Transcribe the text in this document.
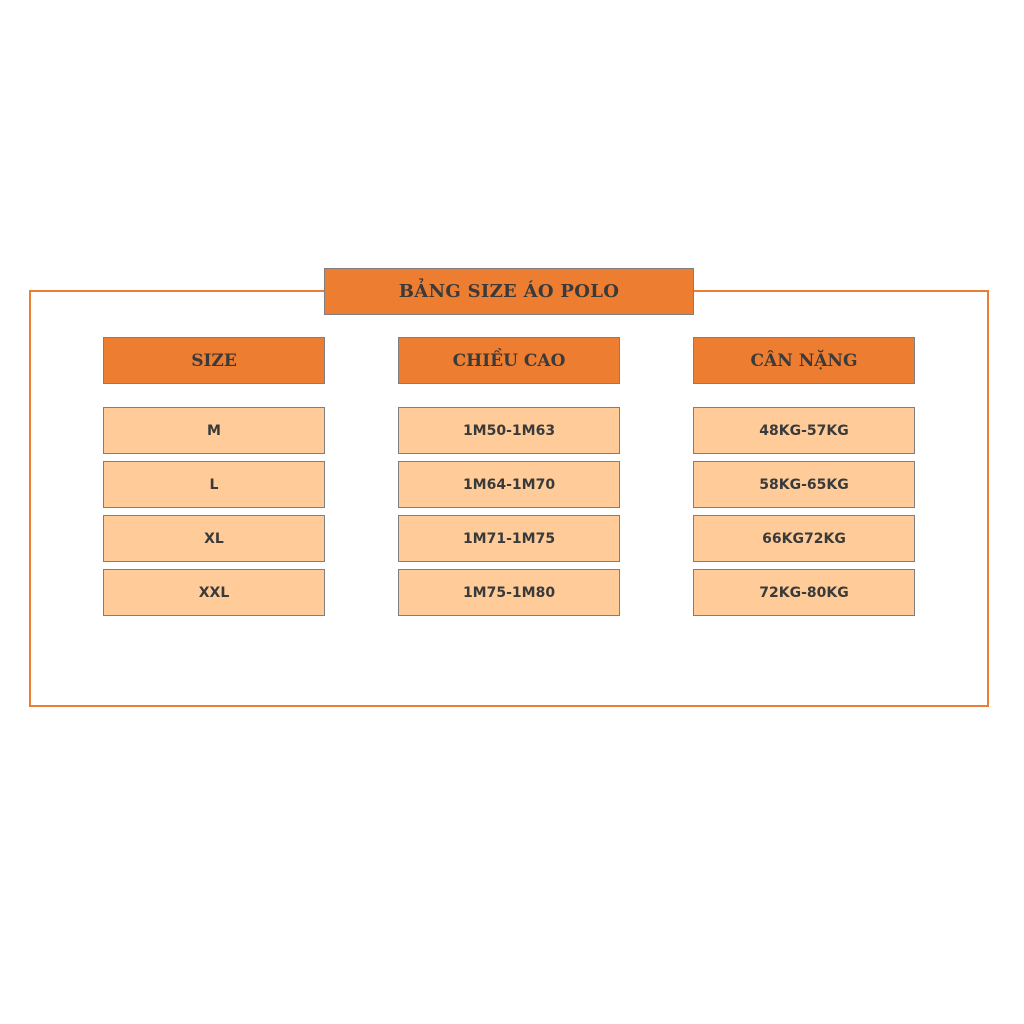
BẢNG SIZE ÁO POLO
SIZE
M
L
XL
XXL
CHIỀU CAO
1M50-1M63
1M64-1M70
1M71-1M75
1M75-1M80
CÂN NẶNG
48KG-57KG
58KG-65KG
66KG72KG
72KG-80KG
